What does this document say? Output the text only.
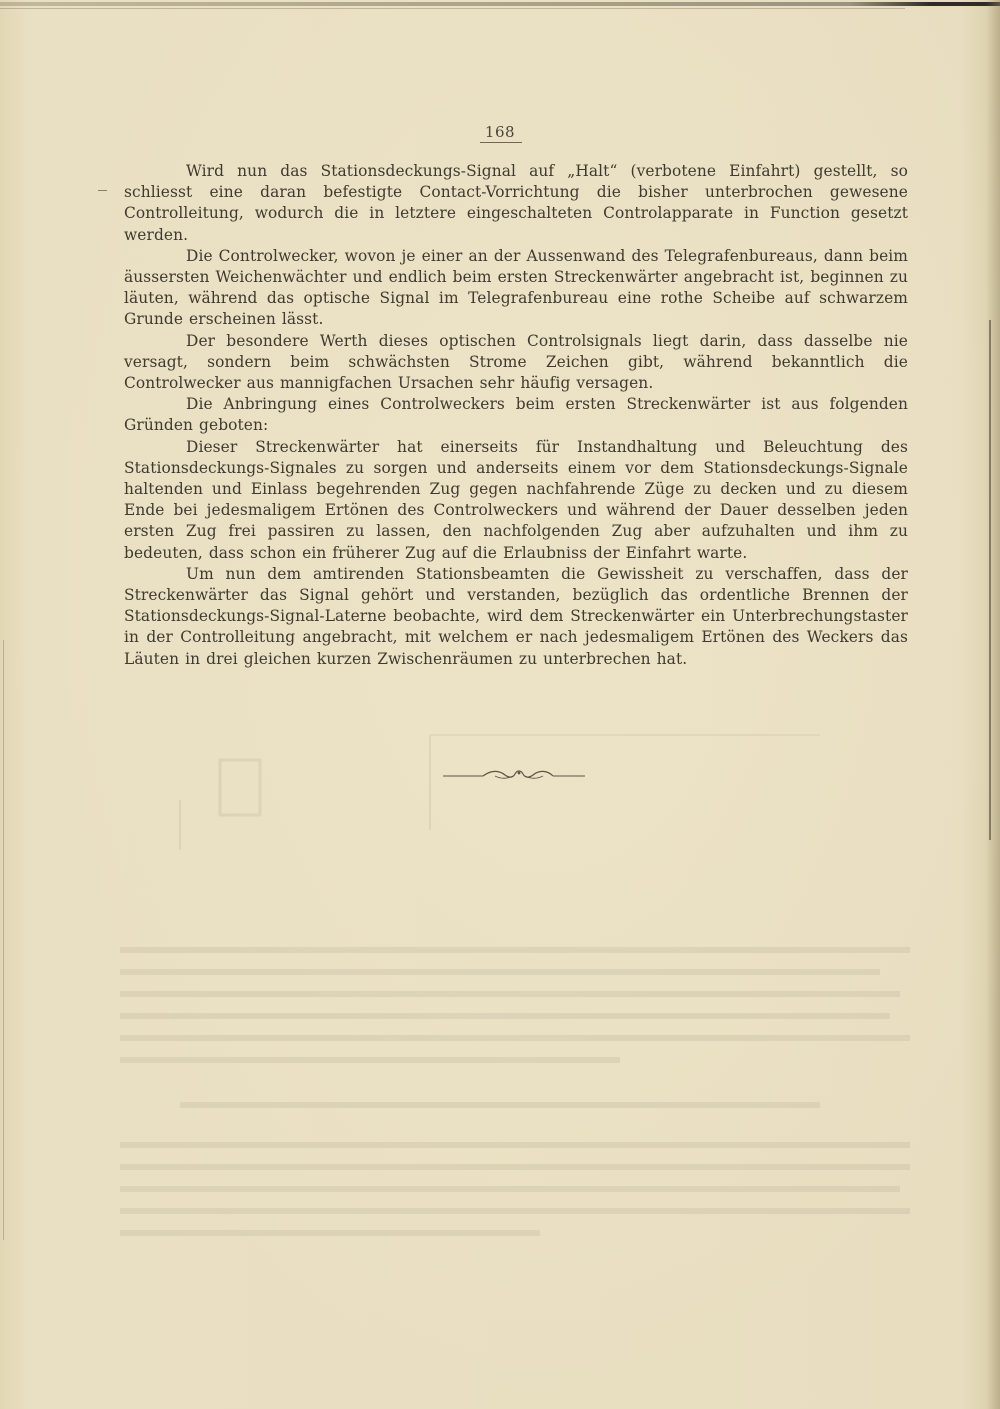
168

Wird nun das Stationsdeckungs-Signal auf „Halt“ (verbotene Einfahrt) gestellt, so schliesst eine daran befestigte Contact-Vorrichtung die bisher unterbrochen gewesene Controlleitung, wodurch die in letztere eingeschalteten Controlapparate in Function gesetzt werden.

Die Controlwecker, wovon je einer an der Aussenwand des Telegrafenbureaus, dann beim äussersten Weichenwächter und endlich beim ersten Streckenwärter angebracht ist, beginnen zu läuten, während das optische Signal im Telegrafenbureau eine rothe Scheibe auf schwarzem Grunde erscheinen lässt.

Der besondere Werth dieses optischen Controlsignals liegt darin, dass dasselbe nie versagt, sondern beim schwächsten Strome Zeichen gibt, während bekanntlich die Controlwecker aus mannigfachen Ursachen sehr häufig versagen.

Die Anbringung eines Controlweckers beim ersten Streckenwärter ist aus folgenden Gründen geboten:

Dieser Streckenwärter hat einerseits für Instandhaltung und Beleuchtung des Stationsdeckungs-Signales zu sorgen und anderseits einem vor dem Stationsdeckungs-Signale haltenden und Einlass begehrenden Zug gegen nachfahrende Züge zu decken und zu diesem Ende bei jedesmaligem Ertönen des Controlweckers und während der Dauer desselben jeden ersten Zug frei passiren zu lassen, den nachfolgenden Zug aber aufzuhalten und ihm zu bedeuten, dass schon ein früherer Zug auf die Erlaubniss der Einfahrt warte.

Um nun dem amtirenden Stationsbeamten die Gewissheit zu verschaffen, dass der Streckenwärter das Signal gehört und verstanden, bezüglich das ordentliche Brennen der Stationsdeckungs-Signal-Laterne beobachte, wird dem Streckenwärter ein Unterbrechungstaster in der Controlleitung angebracht, mit welchem er nach jedesmaligem Ertönen des Weckers das Läuten in drei gleichen kurzen Zwischenräumen zu unterbrechen hat.
